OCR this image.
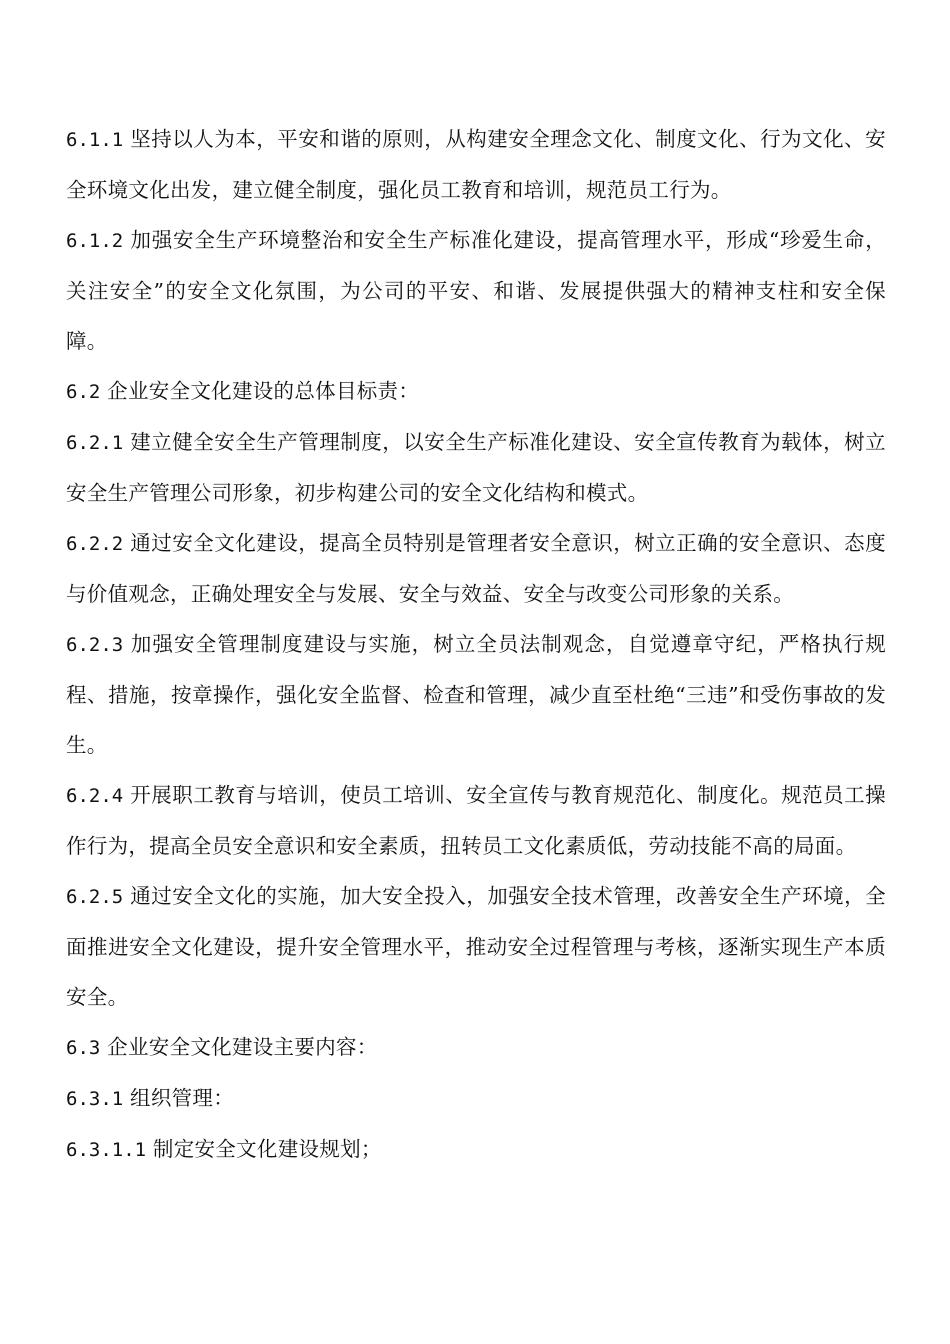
6.1.1 坚持以人为本，平安和谐的原则，从构建安全理念文化、制度文化、行为文化、安全环境文化出发，建立健全制度，强化员工教育和培训，规范员工行为。

6.1.2 加强安全生产环境整治和安全生产标准化建设，提高管理水平，形成“珍爱生命，关注安全”的安全文化氛围，为公司的平安、和谐、发展提供强大的精神支柱和安全保障。

6.2 企业安全文化建设的总体目标责：

6.2.1 建立健全安全生产管理制度，以安全生产标准化建设、安全宣传教育为载体，树立安全生产管理公司形象，初步构建公司的安全文化结构和模式。

6.2.2 通过安全文化建设，提高全员特别是管理者安全意识，树立正确的安全意识、态度与价值观念，正确处理安全与发展、安全与效益、安全与改变公司形象的关系。

6.2.3 加强安全管理制度建设与实施，树立全员法制观念，自觉遵章守纪，严格执行规程、措施，按章操作，强化安全监督、检查和管理，减少直至杜绝“三违”和受伤事故的发生。

6.2.4 开展职工教育与培训，使员工培训、安全宣传与教育规范化、制度化。规范员工操作行为，提高全员安全意识和安全素质，扭转员工文化素质低，劳动技能不高的局面。

6.2.5 通过安全文化的实施，加大安全投入，加强安全技术管理，改善安全生产环境，全面推进安全文化建设，提升安全管理水平，推动安全过程管理与考核，逐渐实现生产本质安全。

6.3 企业安全文化建设主要内容：

6.3.1 组织管理：

6.3.1.1 制定安全文化建设规划；
